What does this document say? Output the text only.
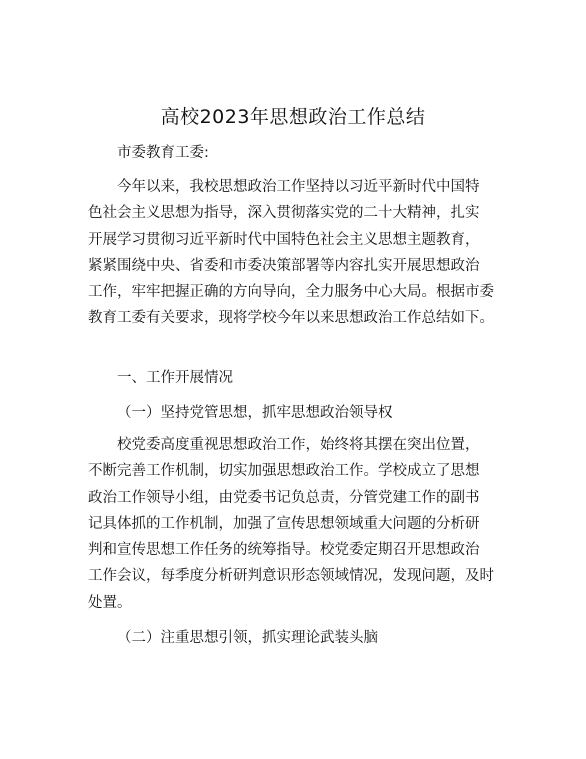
高校2023年思想政治工作总结

市委教育工委:

今年以来，我校思想政治工作坚持以习近平新时代中国特
色社会主义思想为指导，深入贯彻落实党的二十大精神，扎实
开展学习贯彻习近平新时代中国特色社会主义思想主题教育，
紧紧围绕中央、省委和市委决策部署等内容扎实开展思想政治
工作，牢牢把握正确的方向导向，全力服务中心大局。根据市委
教育工委有关要求，现将学校今年以来思想政治工作总结如下。

一、工作开展情况

（一）坚持党管思想，抓牢思想政治领导权

校党委高度重视思想政治工作，始终将其摆在突出位置，
不断完善工作机制，切实加强思想政治工作。学校成立了思想
政治工作领导小组，由党委书记负总责，分管党建工作的副书
记具体抓的工作机制，加强了宣传思想领域重大问题的分析研
判和宣传思想工作任务的统筹指导。校党委定期召开思想政治
工作会议，每季度分析研判意识形态领域情况，发现问题，及时
处置。

（二）注重思想引领，抓实理论武装头脑
